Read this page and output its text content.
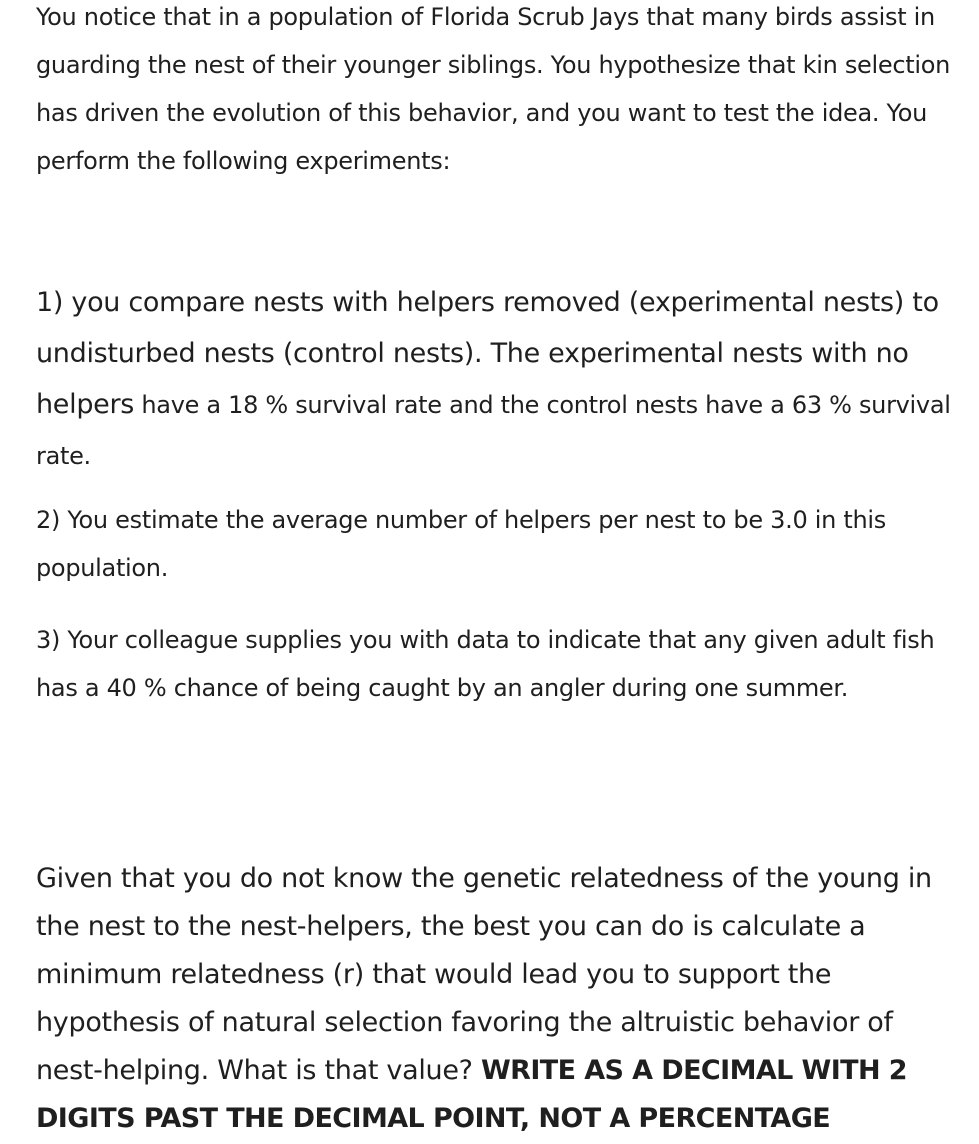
You notice that in a population of Florida Scrub Jays that many birds assist in guarding the nest of their younger siblings. You hypothesize that kin selection has driven the evolution of this behavior, and you want to test the idea. You perform the following experiments:

1) you compare nests with helpers removed (experimental nests) to undisturbed nests (control nests). The experimental nests with no helpers have a 18 % survival rate and the control nests have a 63 % survival rate.

2) You estimate the average number of helpers per nest to be 3.0 in this population.

3) Your colleague supplies you with data to indicate that any given adult fish has a 40 % chance of being caught by an angler during one summer.

Given that you do not know the genetic relatedness of the young in the nest to the nest-helpers, the best you can do is calculate a minimum relatedness (r) that would lead you to support the hypothesis of natural selection favoring the altruistic behavior of nest-helping. What is that value? WRITE AS A DECIMAL WITH 2 DIGITS PAST THE DECIMAL POINT, NOT A PERCENTAGE
